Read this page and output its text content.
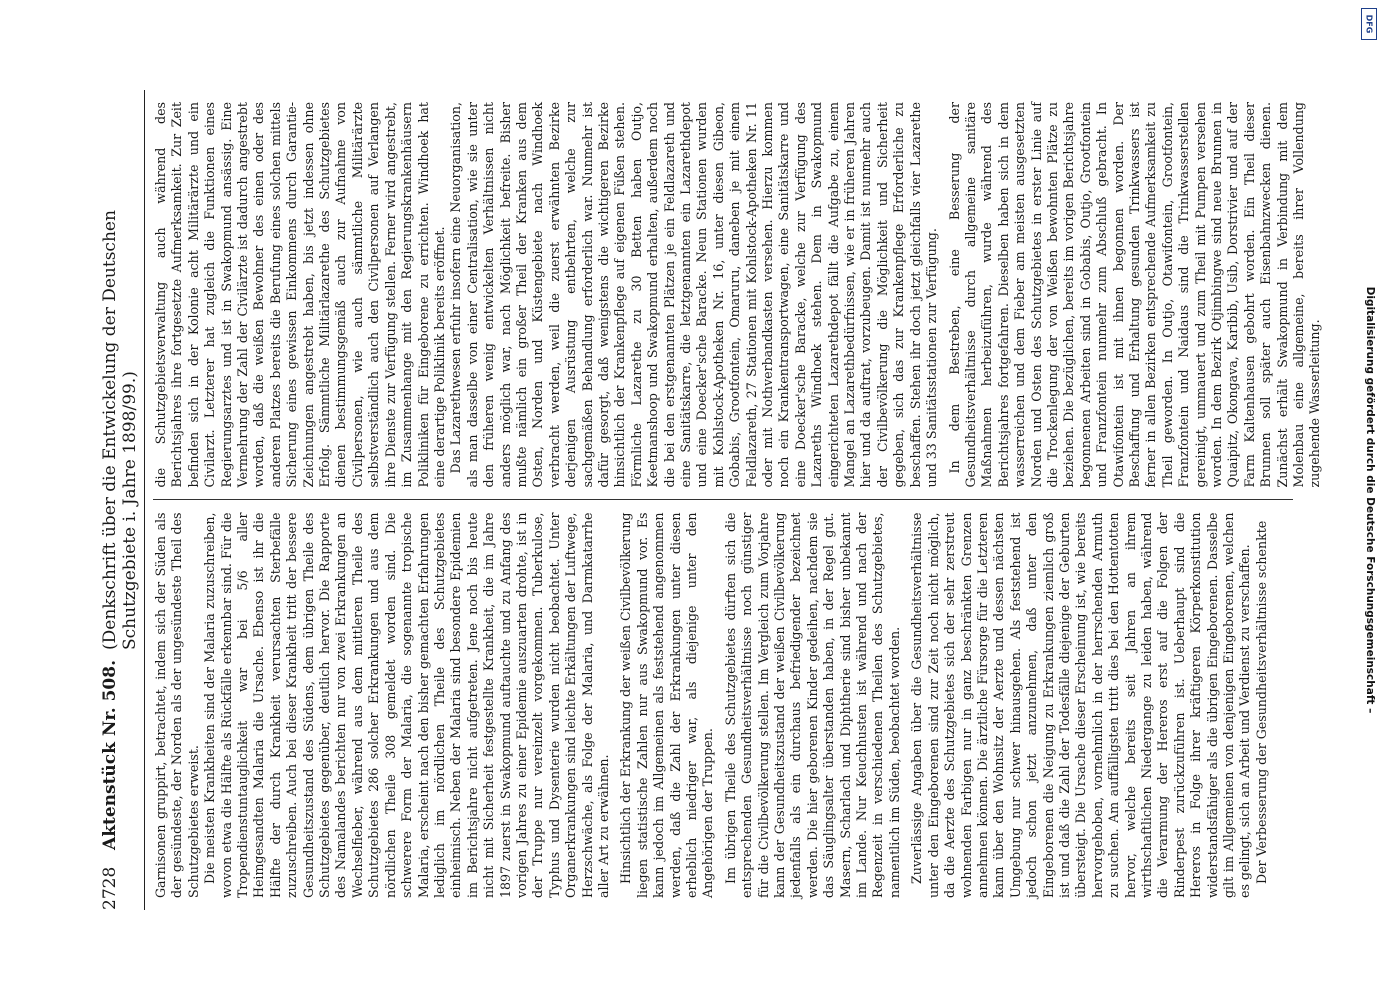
2728
Aktenstück Nr. 508.
(Denkschrift über die Entwickelung der Deutschen Schutzgebiete i. Jahre 1898/99.)

Garnisonen gruppirt, betrachtet, indem sich der Süden als der gesündeste, der Norden als der ungesündeste Theil des Schutzgebietes erweist. Die meisten Krankheiten sind der Malaria zuzuschreiben, wovon etwa die Hälfte als Rückfälle erkennbar sind. Für die Tropendienstuntauglichkeit war bei 5/6 aller Heimgesandten Malaria die Ursache. Ebenso ist ihr die Hälfte der durch Krankheit verursachten Sterbefälle zuzuschreiben. Auch bei dieser Krankheit tritt der bessere Gesundheitszustand des Südens, dem übrigen Theile des Schutzgebietes gegenüber, deutlich hervor. Die Rapporte des Namalandes berichten nur von zwei Erkrankungen an Wechselfieber, während aus dem mittleren Theile des Schutzgebietes 286 solcher Erkrankungen und aus dem nördlichen Theile 308 gemeldet worden sind. Die schwerere Form der Malaria, die sogenannte tropische Malaria, erscheint nach den bisher gemachten Erfahrungen lediglich im nördlichen Theile des Schutzgebietes einheimisch. Neben der Malaria sind besondere Epidemien im Berichtsjahre nicht aufgetreten. Jene noch bis heute nicht mit Sicherheit festgestellte Krankheit, die im Jahre 1897 zuerst in Swakopmund auftauchte und zu Anfang des vorigen Jahres zu einer Epidemie auszuarten drohte, ist in der Truppe nur vereinzelt vorgekommen. Tuberkulose, Typhus und Dysenterie wurden nicht beobachtet. Unter Organerkrankungen sind leichte Erkältungen der Luftwege, Herzschwäche, als Folge der Malaria, und Darmkatarrhe aller Art zu erwähnen. Hinsichtlich der Erkrankung der weißen Civilbevölkerung liegen statistische Zahlen nur aus Swakopmund vor. Es kann jedoch im Allgemeinen als feststehend angenommen werden, daß die Zahl der Erkrankungen unter diesen erheblich niedriger war, als diejenige unter den Angehörigen der Truppen. Im übrigen Theile des Schutzgebietes dürften sich die entsprechenden Gesundheitsverhältnisse noch günstiger für die Civilbevölkerung stellen. Im Vergleich zum Vorjahre kann der Gesundheitszustand der weißen Civilbevölkerung jedenfalls als ein durchaus befriedigender bezeichnet werden. Die hier geborenen Kinder gedeihen, nachdem sie das Säuglingsalter überstanden haben, in der Regel gut. Masern, Scharlach und Diphtherie sind bisher unbekannt im Lande. Nur Keuchhusten ist während und nach der Regenzeit in verschiedenen Theilen des Schutzgebietes, namentlich im Süden, beobachtet worden. Zuverlässige Angaben über die Gesundheitsverhältnisse unter den Eingeborenen sind zur Zeit noch nicht möglich, da die Aerzte des Schutzgebietes sich der sehr zerstreut wohnenden Farbigen nur in ganz beschränkten Grenzen annehmen können. Die ärztliche Fürsorge für die Letzteren kann über den Wohnsitz der Aerzte und dessen nächsten Umgebung nur schwer hinausgehen. Als feststehend ist jedoch schon jetzt anzunehmen, daß unter den Eingeborenen die Neigung zu Erkrankungen ziemlich groß ist und daß die Zahl der Todesfälle diejenige der Geburten übersteigt. Die Ursache dieser Erscheinung ist, wie bereits hervorgehoben, vornehmlich in der herrschenden Armuth zu suchen. Am auffälligsten tritt dies bei den Hottentotten hervor, welche bereits seit Jahren an ihrem wirthschaftlichen Niedergange zu leiden haben, während die Verarmung der Hereros erst auf die Folgen der Rinderpest zurückzuführen ist. Ueberhaupt sind die Hereros in Folge ihrer kräftigeren Körperkonstitution widerstandsfähiger als die übrigen Eingeborenen. Dasselbe gilt im Allgemeinen von denjenigen Eingeborenen, welchen es gelingt, sich an Arbeit und Verdienst zu verschaffen. Der Verbesserung der Gesundheitsverhältnisse schenkte

die Schutzgebietsverwaltung auch während des Berichtsjahres ihre fortgesetzte Aufmerksamkeit. Zur Zeit befinden sich in der Kolonie acht Militärärzte und ein Civilarzt. Letzterer hat zugleich die Funktionen eines Regierungsarztes und ist in Swakopmund ansässig. Eine Vermehrung der Zahl der Civilärzte ist dadurch angestrebt worden, daß die weißen Bewohner des einen oder des anderen Platzes bereits die Berufung eines solchen mittels Sicherung eines gewissen Einkommens durch Garantie-Zeichnungen angestrebt haben, bis jetzt indessen ohne Erfolg. Sämmtliche Militärlazarethe des Schutzgebietes dienen bestimmungsgemäß auch zur Aufnahme von Civilpersonen, wie auch sämmtliche Militärärzte selbstverständlich auch den Civilpersonen auf Verlangen ihre Dienste zur Verfügung stellen. Ferner wird angestrebt, im Zusammenhange mit den Regierungskrankenhäusern Polikliniken für Eingeborene zu errichten. Windhoek hat eine derartige Poliklinik bereits eröffnet. Das Lazarethwesen erfuhr insofern eine Neuorganisation, als man dasselbe von einer Centralisation, wie sie unter den früheren wenig entwickelten Verhältnissen nicht anders möglich war, nach Möglichkeit befreite. Bisher mußte nämlich ein großer Theil der Kranken aus dem Osten, Norden und Küstengebiete nach Windhoek verbracht werden, weil die zuerst erwähnten Bezirke derjenigen Ausrüstung entbehrten, welche zur sachgemäßen Behandlung erforderlich war. Nunmehr ist dafür gesorgt, daß wenigstens die wichtigeren Bezirke hinsichtlich der Krankenpflege auf eigenen Füßen stehen. Förmliche Lazarethe zu 30 Betten haben Outjo, Keetmanshoop und Swakopmund erhalten, außerdem noch die bei den erstgenannten Plätzen je ein Feldlazareth und eine Sanitätskarre, die letztgenannten ein Lazarethdepot und eine Doecker'sche Baracke. Neun Stationen wurden mit Kohlstock-Apotheken Nr. 16, unter diesen Gibeon, Gobabis, Grootfontein, Omaruru, daneben je mit einem Feldlazareth, 27 Stationen mit Kohlstock-Apotheken Nr. 11 oder mit Nothverbandkasten versehen. Hierzu kommen noch ein Krankentransportwagen, eine Sanitätskarre und eine Doecker'sche Baracke, welche zur Verfügung des Lazareths Windhoek stehen. Dem in Swakopmund eingerichteten Lazarethdepot fällt die Aufgabe zu, einem Mangel an Lazarethbedürfnissen, wie er in früheren Jahren hier und da auftrat, vorzubeugen. Damit ist nunmehr auch der Civilbevölkerung die Möglichkeit und Sicherheit gegeben, sich das zur Krankenpflege Erforderliche zu beschaffen. Stehen ihr doch jetzt gleichfalls vier Lazarethe und 33 Sanitätsstationen zur Verfügung. In dem Bestreben, eine Besserung der Gesundheitsverhältnisse durch allgemeine sanitäre Maßnahmen herbeizuführen, wurde während des Berichtsjahres fortgefahren. Dieselben haben sich in dem wasserreichen und dem Fieber am meisten ausgesetzten Norden und Osten des Schutzgebietes in erster Linie auf die Trockenlegung der von Weißen bewohnten Plätze zu beziehen. Die bezüglichen, bereits im vorigen Berichtsjahre begonnenen Arbeiten sind in Gobabis, Outjo, Grootfontein und Franzfontein nunmehr zum Abschluß gebracht. In Otawifontein ist mit ihnen begonnen worden. Der Beschaffung und Erhaltung gesunden Trinkwassers ist ferner in allen Bezirken entsprechende Aufmerksamkeit zu Theil geworden. In Outjo, Otawifontein, Grootfontein, Franzfontein und Naidaus sind die Trinkwasserstellen gereinigt, ummauert und zum Theil mit Pumpen versehen worden. In dem Bezirk Otjimbingwe sind neue Brunnen in Quaipitz, Okongava, Karibib, Usib, Dorstrivier und auf der Farm Kaltenhausen gebohrt worden. Ein Theil dieser Brunnen soll später auch Eisenbahnzwecken dienen. Zunächst erhält Swakopmund in Verbindung mit dem Molenbau eine allgemeine, bereits ihrer Vollendung zugehende Wasserleitung.	Digitalisierung gefördert durch die Deutsche Forschungsgemeinschaft –
DFG
